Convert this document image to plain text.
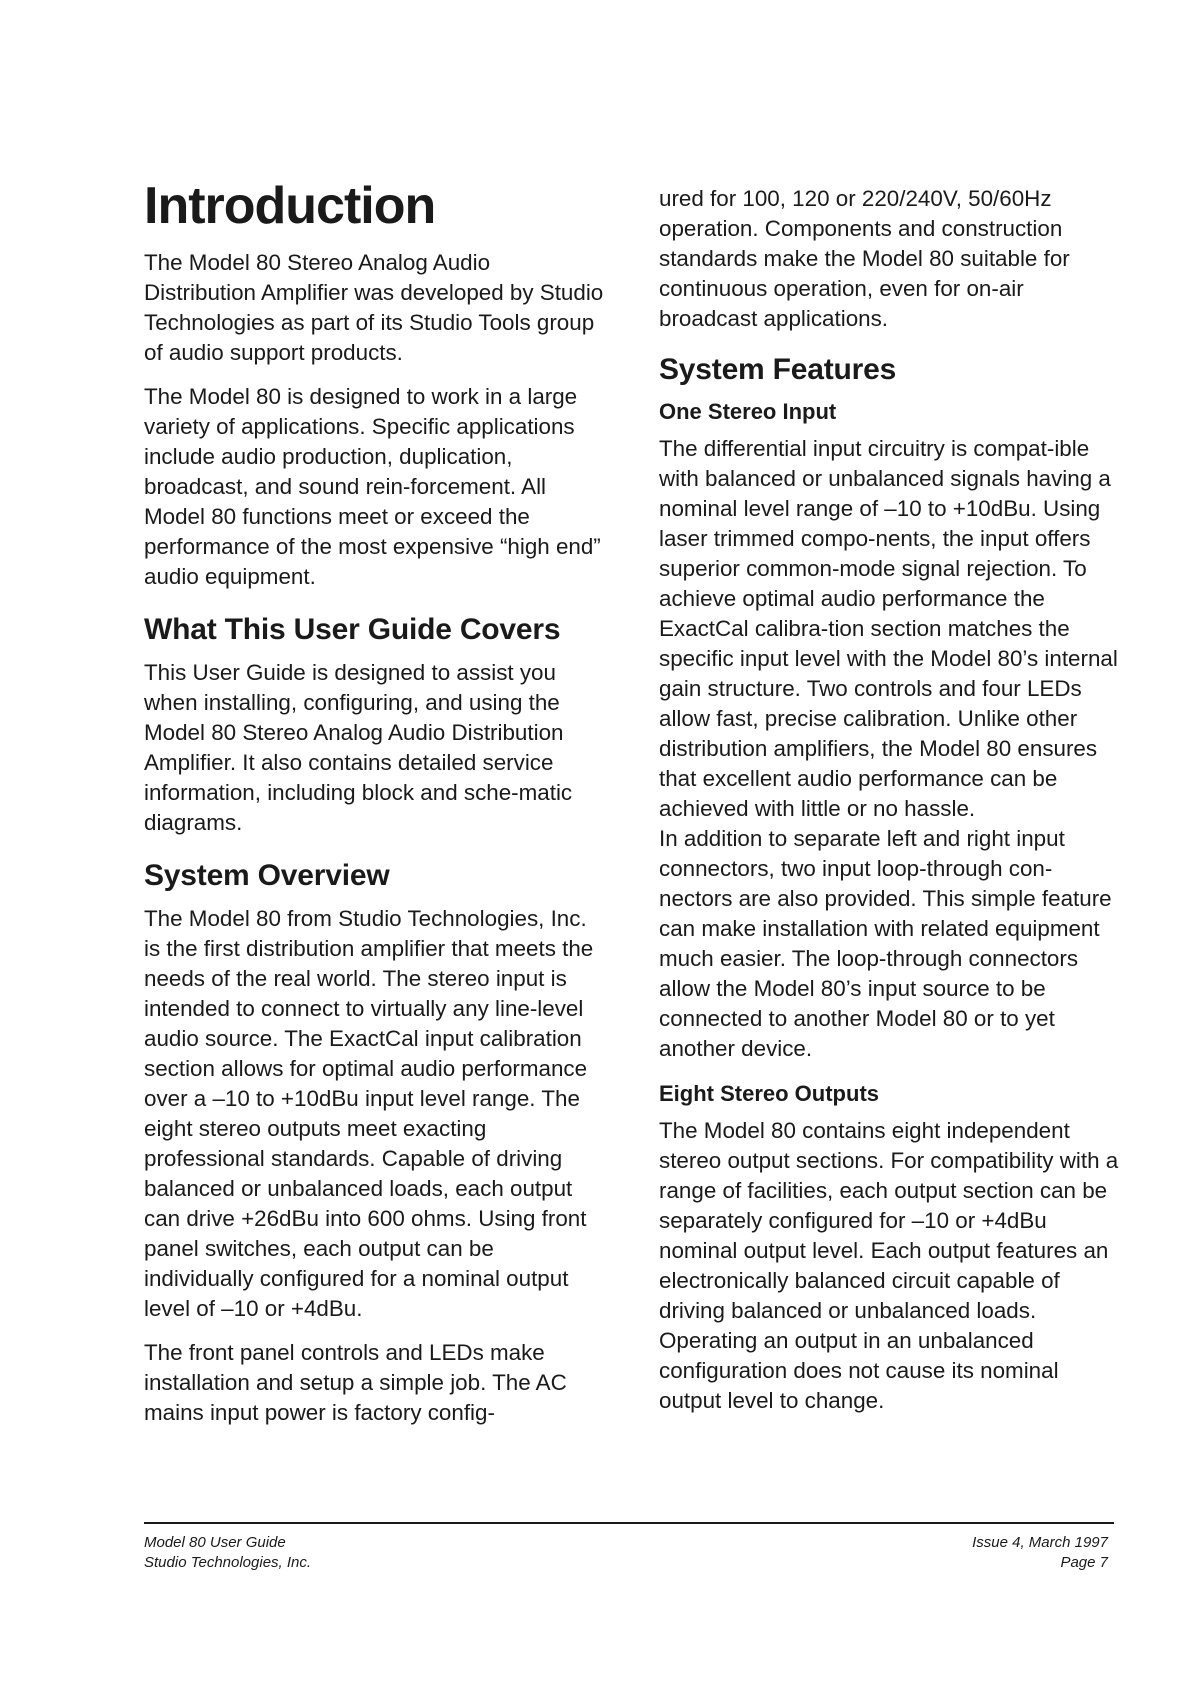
Introduction

The Model 80 Stereo Analog Audio Distribution Amplifier was developed by Studio Technologies as part of its Studio Tools group of audio support products.

The Model 80 is designed to work in a large variety of applications. Specific applications include audio production, duplication, broadcast, and sound rein-forcement. All Model 80 functions meet or exceed the performance of the most expensive “high end” audio equipment.

What This User Guide Covers

This User Guide is designed to assist you when installing, configuring, and using the Model 80 Stereo Analog Audio Distribution Amplifier. It also contains detailed service information, including block and sche-matic diagrams.

System Overview

The Model 80 from Studio Technologies, Inc. is the first distribution amplifier that meets the needs of the real world. The stereo input is intended to connect to virtually any line-level audio source. The ExactCal input calibration section allows for optimal audio performance over a –10 to +10dBu input level range. The eight stereo outputs meet exacting professional standards. Capable of driving balanced or unbalanced loads, each output can drive +26dBu into 600 ohms. Using front panel switches, each output can be individually configured for a nominal output level of –10 or +4dBu.

The front panel controls and LEDs make installation and setup a simple job. The AC mains input power is factory config-

ured for 100, 120 or 220/240V, 50/60Hz operation. Components and construction standards make the Model 80 suitable for continuous operation, even for on-air broadcast applications.

System Features
One Stereo Input

The differential input circuitry is compat-ible with balanced or unbalanced signals having a nominal level range of –10 to +10dBu. Using laser trimmed compo-nents, the input offers superior common-mode signal rejection. To achieve optimal audio performance the ExactCal calibra-tion section matches the specific input level with the Model 80’s internal gain structure. Two controls and four LEDs allow fast, precise calibration. Unlike other distribution amplifiers, the Model 80 ensures that excellent audio performance can be achieved with little or no hassle.

In addition to separate left and right input connectors, two input loop-through con-nectors are also provided. This simple feature can make installation with related equipment much easier. The loop-through connectors allow the Model 80’s input source to be connected to another Model 80 or to yet another device.

Eight Stereo Outputs

The Model 80 contains eight independent stereo output sections. For compatibility with a range of facilities, each output section can be separately configured for –10 or +4dBu nominal output level. Each output features an electronically balanced circuit capable of driving balanced or unbalanced loads. Operating an output in an unbalanced configuration does not cause its nominal output level to change.

Model 80 User Guide
Studio Technologies, Inc.
Issue 4, March 1997
Page 7
